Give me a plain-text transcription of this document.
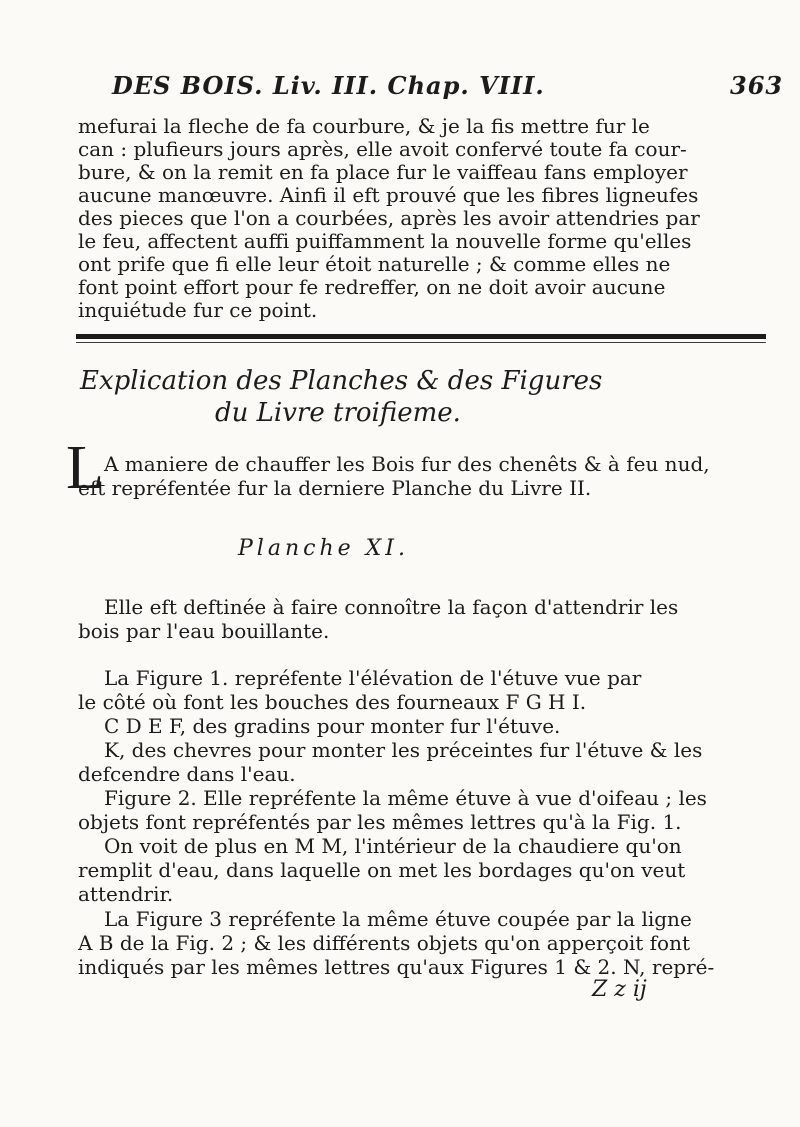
DES BOIS. Liv. III. Chap. VIII.	363
mefurai la fleche de fa courbure, & je la fis mettre fur le
can : plufieurs jours après, elle avoit confervé toute fa cour-
bure, & on la remit en fa place fur le vaiffeau fans employer
aucune manœuvre. Ainfi il eft prouvé que les fibres ligneufes
des pieces que l'on a courbées, après les avoir attendries par
le feu, affectent auffi puiffamment la nouvelle forme qu'elles
ont prife que fi elle leur étoit naturelle ; & comme elles ne
font point effort pour fe redreffer, on ne doit avoir aucune
inquiétude fur ce point.
Explication des Planches & des Figures
du Livre troifieme.
L A maniere de chauffer les Bois fur des chenêts & à feu nud,
eft repréfentée fur la derniere Planche du Livre II.
Planche XI.
Elle eft deftinée à faire connoître la façon d'attendrir les
bois par l'eau bouillante.
La Figure 1. repréfente l'élévation de l'étuve vue par
le côté où font les bouches des fourneaux F G H I.
C D E F, des gradins pour monter fur l'étuve.
K, des chevres pour monter les préceintes fur l'étuve & les
defcendre dans l'eau.
Figure 2. Elle repréfente la même étuve à vue d'oifeau ; les
objets font repréfentés par les mêmes lettres qu'à la Fig. 1.
On voit de plus en M M, l'intérieur de la chaudiere qu'on
remplit d'eau, dans laquelle on met les bordages qu'on veut
attendrir.
La Figure 3 repréfente la même étuve coupée par la ligne
A B de la Fig. 2 ; & les différents objets qu'on apperçoit font
indiqués par les mêmes lettres qu'aux Figures 1 & 2. N, repré-
Z z ij
